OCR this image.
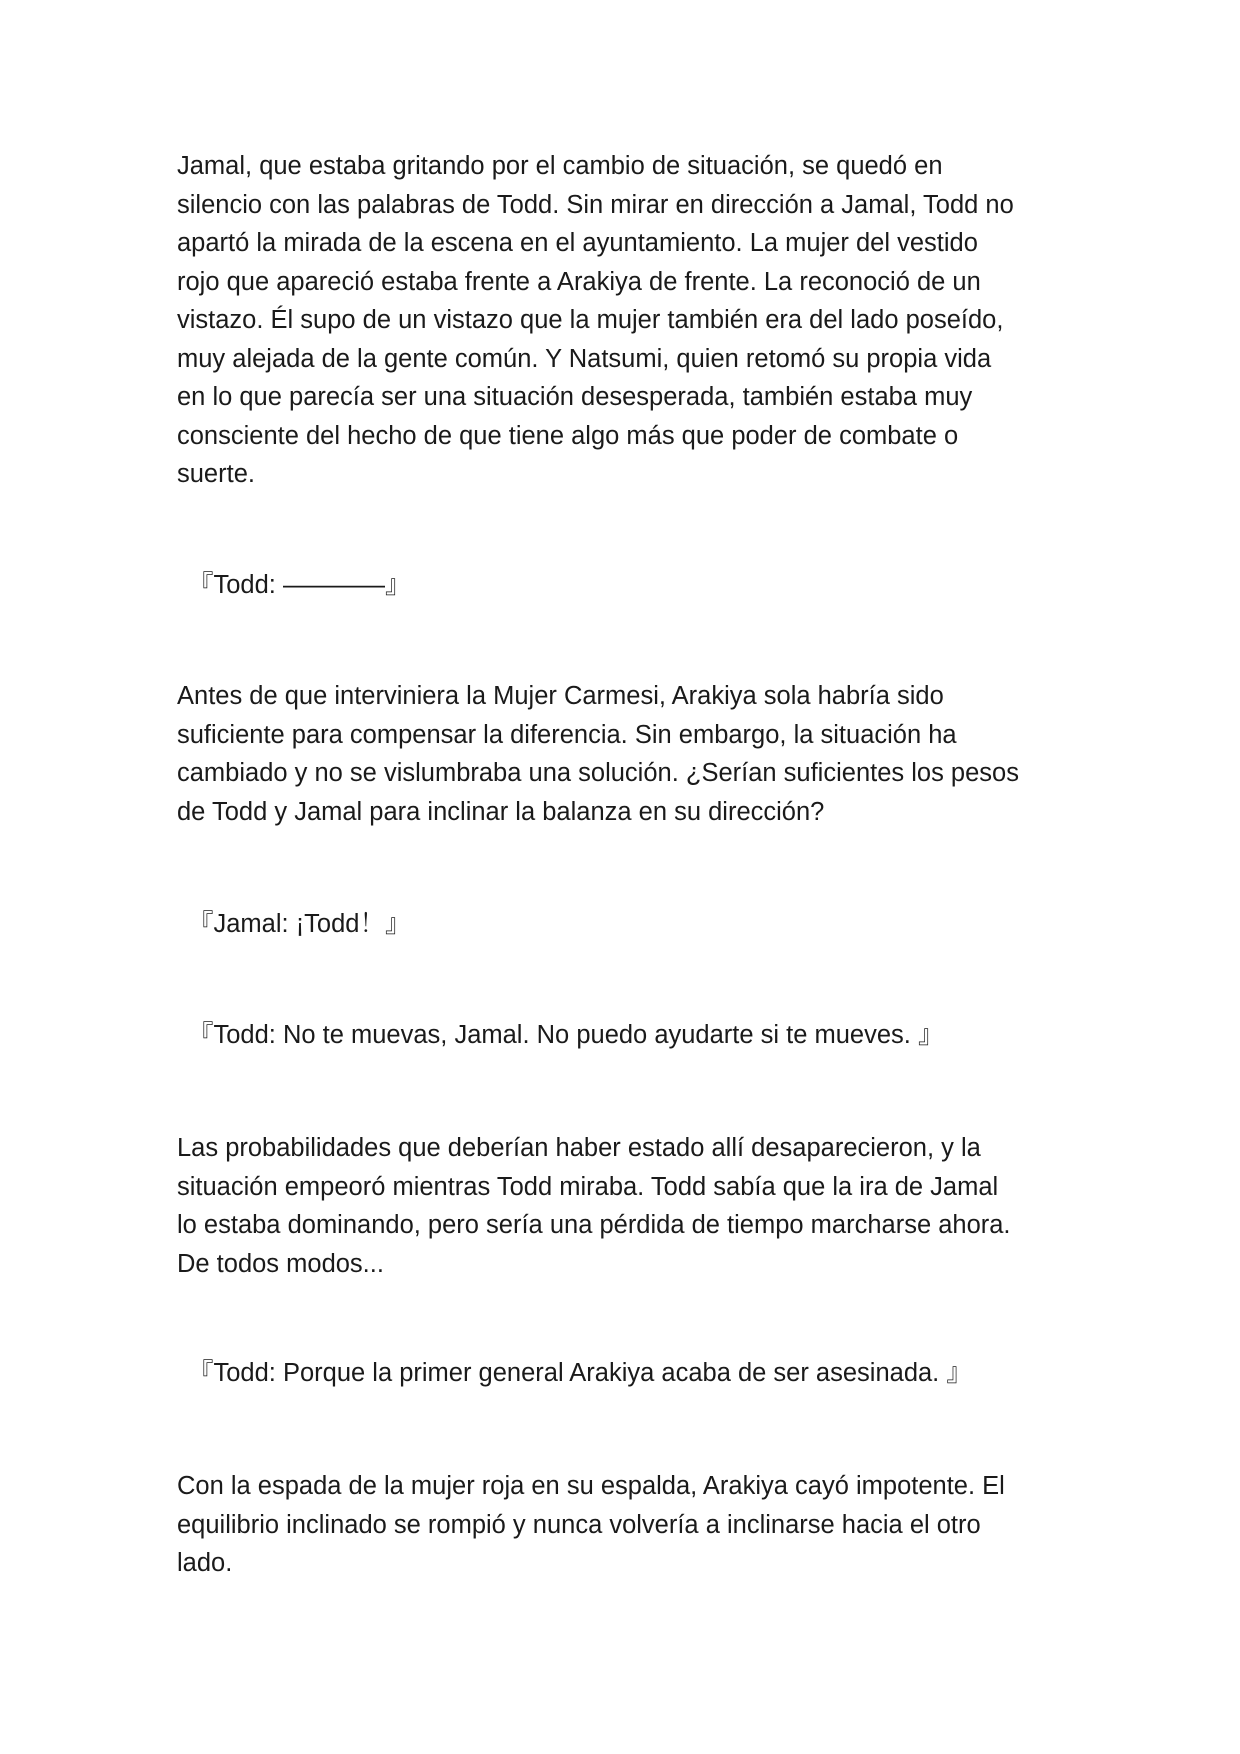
Jamal, que estaba gritando por el cambio de situación, se quedó en
silencio con las palabras de Todd. Sin mirar en dirección a Jamal, Todd no
apartó la mirada de la escena en el ayuntamiento. La mujer del vestido
rojo que apareció estaba frente a Arakiya de frente. La reconoció de un
vistazo. Él supo de un vistazo que la mujer también era del lado poseído,
muy alejada de la gente común. Y Natsumi, quien retomó su propia vida
en lo que parecía ser una situación desesperada, también estaba muy
consciente del hecho de que tiene algo más que poder de combate o
suerte.

『Todd: ――――』

Antes de que interviniera la Mujer Carmesi, Arakiya sola habría sido
suficiente para compensar la diferencia. Sin embargo, la situación ha
cambiado y no se vislumbraba una solución. ¿Serían suficientes los pesos
de Todd y Jamal para inclinar la balanza en su dirección?

『Jamal: ¡Todd！』

『Todd: No te muevas, Jamal. No puedo ayudarte si te mueves. 』

Las probabilidades que deberían haber estado allí desaparecieron, y la
situación empeoró mientras Todd miraba. Todd sabía que la ira de Jamal
lo estaba dominando, pero sería una pérdida de tiempo marcharse ahora.
De todos modos...

『Todd: Porque la primer general Arakiya acaba de ser asesinada. 』

Con la espada de la mujer roja en su espalda, Arakiya cayó impotente. El
equilibrio inclinado se rompió y nunca volvería a inclinarse hacia el otro
lado.
